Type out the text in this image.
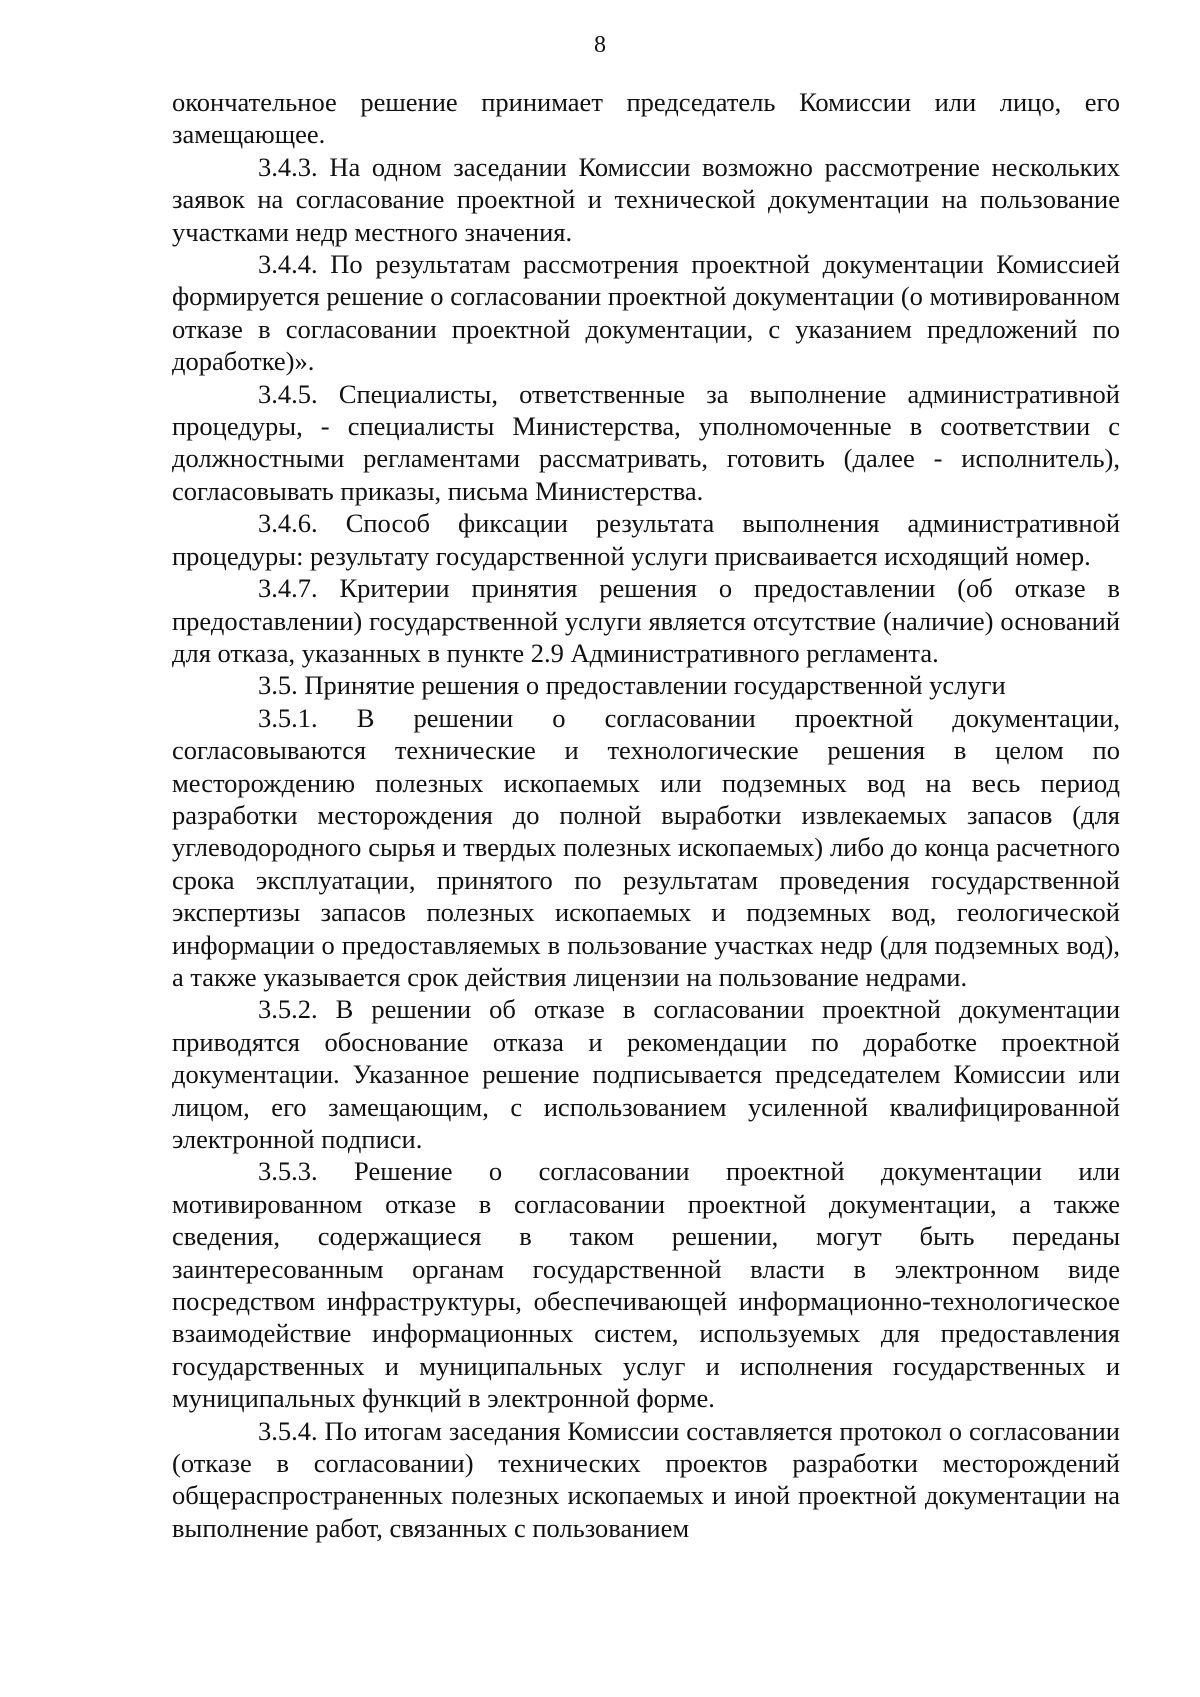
8

окончательное решение принимает председатель Комиссии или лицо, его замещающее.

3.4.3. На одном заседании Комиссии возможно рассмотрение нескольких заявок на согласование проектной и технической документации на пользование участками недр местного значения.

3.4.4. По результатам рассмотрения проектной документации Комиссией формируется решение о согласовании проектной документации (о мотивированном отказе в согласовании проектной документации, с указанием предложений по доработке)».

3.4.5. Специалисты, ответственные за выполнение административной процедуры, - специалисты Министерства, уполномоченные в соответствии с должностными регламентами рассматривать, готовить (далее - исполнитель), согласовывать приказы, письма Министерства.

3.4.6. Способ фиксации результата выполнения административной процедуры: результату государственной услуги присваивается исходящий номер.

3.4.7. Критерии принятия решения о предоставлении (об отказе в предоставлении) государственной услуги является отсутствие (наличие) оснований для отказа, указанных в пункте 2.9 Административного регламента.

3.5. Принятие решения о предоставлении государственной услуги

3.5.1. В решении о согласовании проектной документации, согласовываются технические и технологические решения в целом по месторождению полезных ископаемых или подземных вод на весь период разработки месторождения до полной выработки извлекаемых запасов (для углеводородного сырья и твердых полезных ископаемых) либо до конца расчетного срока эксплуатации, принятого по результатам проведения государственной экспертизы запасов полезных ископаемых и подземных вод, геологической информации о предоставляемых в пользование участках недр (для подземных вод), а также указывается срок действия лицензии на пользование недрами.

3.5.2. В решении об отказе в согласовании проектной документации приводятся обоснование отказа и рекомендации по доработке проектной документации. Указанное решение подписывается председателем Комиссии или лицом, его замещающим, с использованием усиленной квалифицированной электронной подписи.

3.5.3. Решение о согласовании проектной документации или мотивированном отказе в согласовании проектной документации, а также сведения, содержащиеся в таком решении, могут быть переданы заинтересованным органам государственной власти в электронном виде посредством инфраструктуры, обеспечивающей информационно-технологическое взаимодействие информационных систем, используемых для предоставления государственных и муниципальных услуг и исполнения государственных и муниципальных функций в электронной форме.

3.5.4. По итогам заседания Комиссии составляется протокол о согласовании (отказе в согласовании) технических проектов разработки месторождений общераспространенных полезных ископаемых и иной проектной документации на выполнение работ, связанных с пользованием
